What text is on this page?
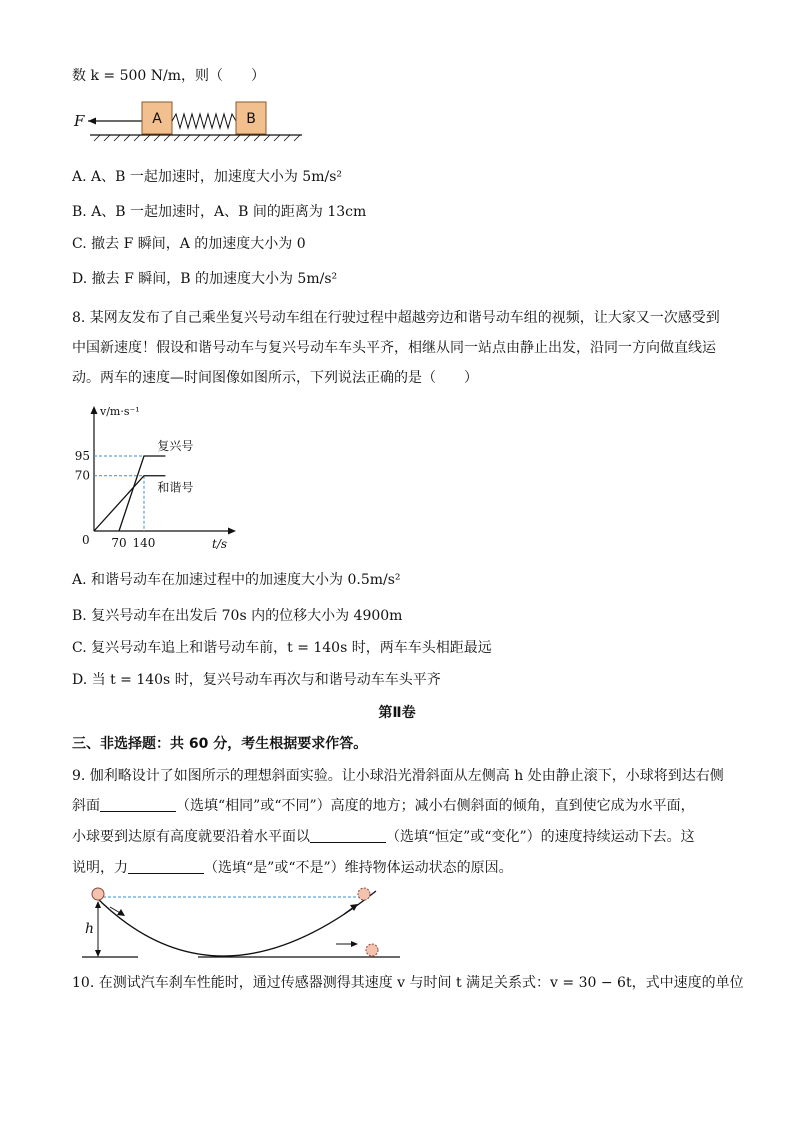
数 k = 500 N/m，则（　　）
F	A	B
A. A、B 一起加速时，加速度大小为 5m/s²
B. A、B 一起加速时，A、B 间的距离为 13cm
C. 撤去 F 瞬间，A 的加速度大小为 0
D. 撤去 F 瞬间，B 的加速度大小为 5m/s²
8. 某网友发布了自己乘坐复兴号动车组在行驶过程中超越旁边和谐号动车组的视频，让大家又一次感受到
中国新速度！假设和谐号动车与复兴号动车车头平齐，相继从同一站点由静止出发，沿同一方向做直线运
动。两车的速度—时间图像如图所示，下列说法正确的是（　　）
v/m·s⁻¹
t/s
0
70
95
70 140
复兴号
和谐号
A. 和谐号动车在加速过程中的加速度大小为 0.5m/s²
B. 复兴号动车在出发后 70s 内的位移大小为 4900m
C. 复兴号动车追上和谐号动车前，t = 140s 时，两车车头相距最远
D. 当 t = 140s 时，复兴号动车再次与和谐号动车车头平齐
第Ⅱ卷
三、非选择题：共 60 分，考生根据要求作答。
9. 伽利略设计了如图所示的理想斜面实验。让小球沿光滑斜面从左侧高 h 处由静止滚下，小球将到达右侧
斜面	（选填“相同”或“不同”）高度的地方；减小右侧斜面的倾角，直到使它成为水平面，
小球要到达原有高度就要沿着水平面以	（选填“恒定”或“变化”）的速度持续运动下去。这
说明，力	（选填“是”或“不是”）维持物体运动状态的原因。
h
10. 在测试汽车刹车性能时，通过传感器测得其速度 v 与时间 t 满足关系式：v = 30 − 6t，式中速度的单位
